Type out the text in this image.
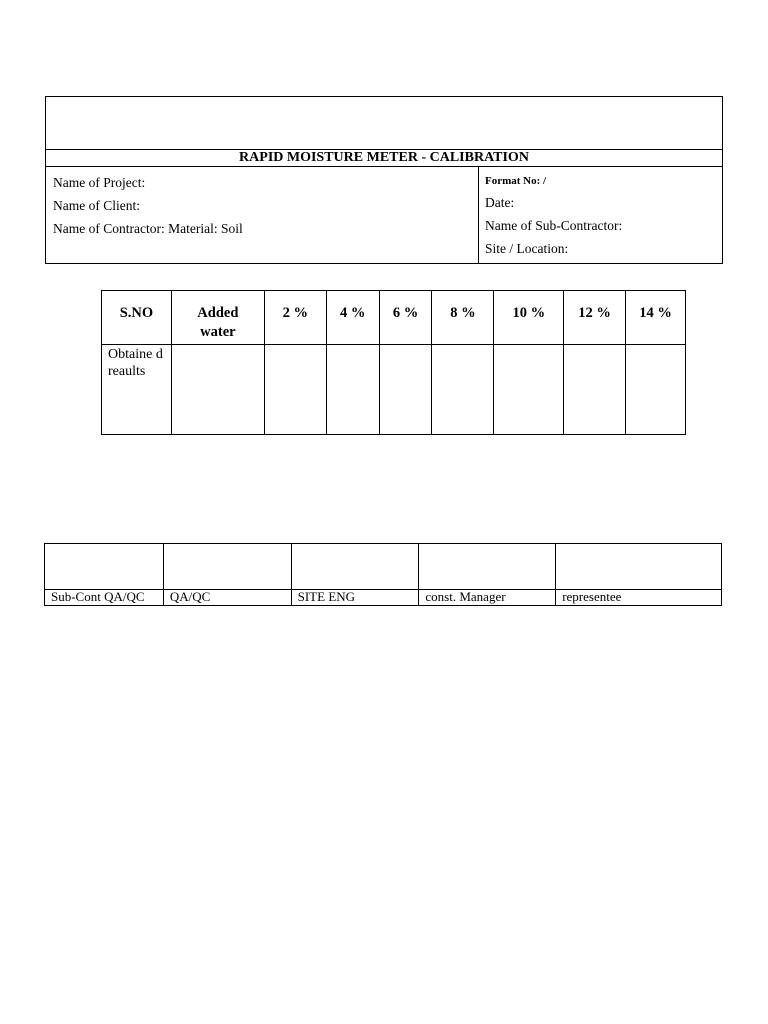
RAPID MOISTURE METER - CALIBRATION
Name of Project:
Name of Client:
Name of Contractor: Material: Soil
Format No: /
Date:
Name of Sub-Contractor:
Site / Location:
S.NO	Added water	2 %	4 %	6 %	8 %	10 %	12 %	14 %
Obtaine d reaults								

Sub-Cont QA/QC	QA/QC	SITE ENG	const. Manager	representee
